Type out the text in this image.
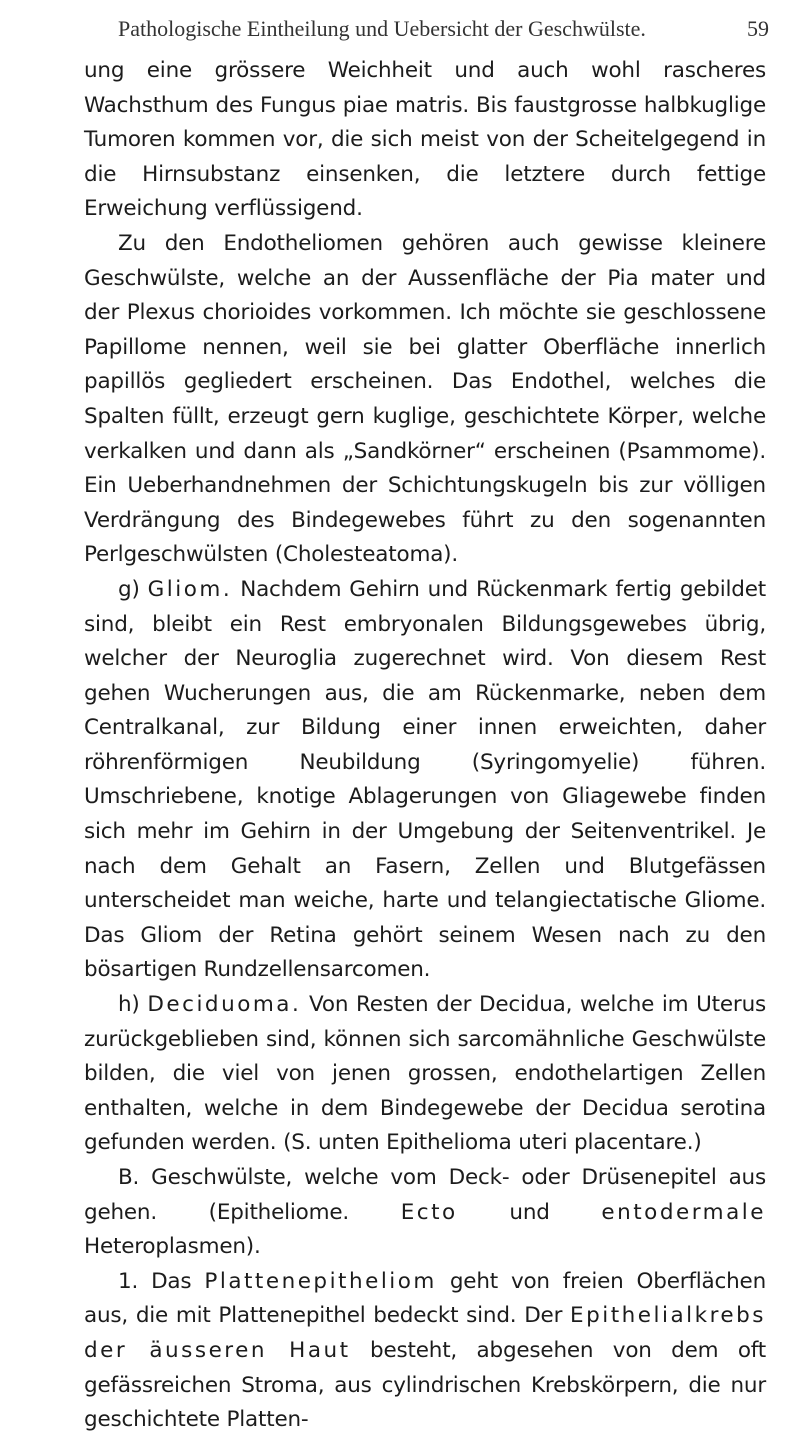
Pathologische Eintheilung und Uebersicht der Geschwülste.	59

ung eine grössere Weichheit und auch wohl rascheres Wachsthum des Fungus piae matris. Bis faustgrosse halbkuglige Tumoren kommen vor, die sich meist von der Scheitelgegend in die Hirnsubstanz einsenken, die letztere durch fettige Erweichung verflüssigend.

Zu den Endotheliomen gehören auch gewisse kleinere Geschwülste, welche an der Aussenfläche der Pia mater und der Plexus chorioides vorkommen. Ich möchte sie geschlossene Papillome nennen, weil sie bei glatter Oberfläche innerlich papillös gegliedert erscheinen. Das Endothel, welches die Spalten füllt, erzeugt gern kuglige, geschichtete Körper, welche verkalken und dann als „Sandkörner“ erscheinen (Psammome). Ein Ueberhandnehmen der Schichtungskugeln bis zur völligen Verdrängung des Bindegewebes führt zu den sogenannten Perlgeschwülsten (Cholesteatoma).

g) Gliom. Nachdem Gehirn und Rückenmark fertig gebildet sind, bleibt ein Rest embryonalen Bildungsgewebes übrig, welcher der Neuroglia zugerechnet wird. Von diesem Rest gehen Wucherungen aus, die am Rückenmarke, neben dem Centralkanal, zur Bildung einer innen erweichten, daher röhrenförmigen Neubildung (Syringomyelie) führen. Umschriebene, knotige Ablagerungen von Gliagewebe finden sich mehr im Gehirn in der Umgebung der Seitenventrikel. Je nach dem Gehalt an Fasern, Zellen und Blutgefässen unterscheidet man weiche, harte und telangiectatische Gliome. Das Gliom der Retina gehört seinem Wesen nach zu den bösartigen Rundzellensarcomen.

h) Deciduoma. Von Resten der Decidua, welche im Uterus zurückgeblieben sind, können sich sarcomähnliche Geschwülste bilden, die viel von jenen grossen, endothelartigen Zellen enthalten, welche in dem Bindegewebe der Decidua serotina gefunden werden. (S. unten Epithelioma uteri placentare.)

B. Geschwülste, welche vom Deck- oder Drüsenepitel aus gehen. (Epitheliome. Ecto und entodermale Heteroplasmen).

1. Das Plattenepitheliom geht von freien Oberflächen aus, die mit Plattenepithel bedeckt sind. Der Epithelialkrebs der äusseren Haut besteht, abgesehen von dem oft gefässreichen Stroma, aus cylindrischen Krebskörpern, die nur geschichtete Platten-
